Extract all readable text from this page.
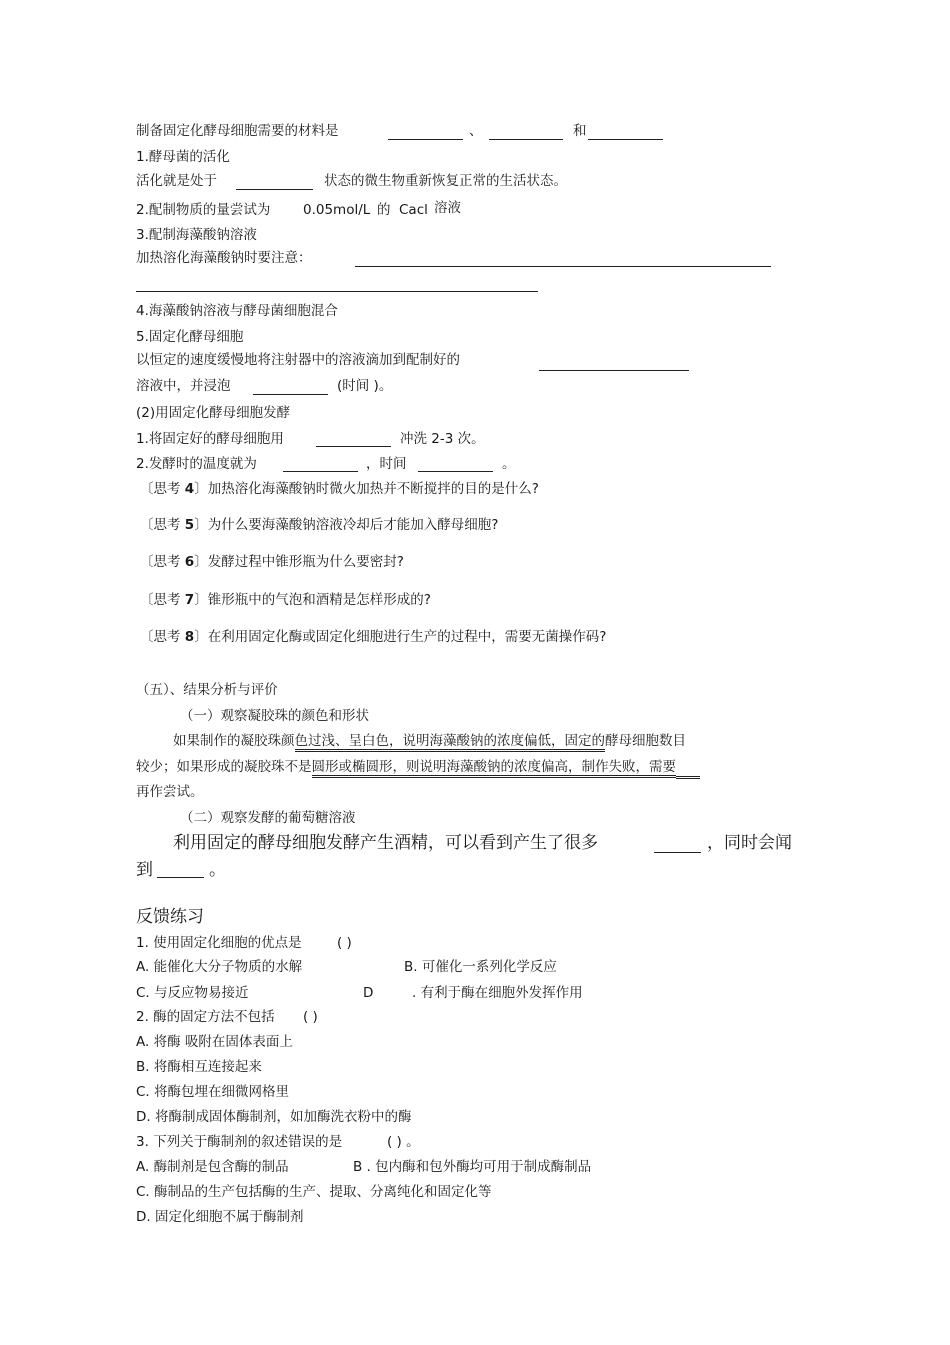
制备固定化酵母细胞需要的材料是	、	和
1.酵母菌的活化
活化就是处于	状态的微生物重新恢复正常的生活状态。
2.配制物质的量尝试为 0.05mol/L 的 Cacl 溶液
3.配制海藻酸钠溶液
加热溶化海藻酸钠时要注意：
4.海藻酸钠溶液与酵母菌细胞混合
5.固定化酵母细胞
以恒定的速度缓慢地将注射器中的溶液滴加到配制好的
溶液中，并浸泡	(时间 )。
(2)用固定化酵母细胞发酵
1.将固定好的酵母细胞用	冲洗 2-3 次。
2.发酵时的温度就为	，时间	。
〔思考 4〕加热溶化海藻酸钠时微火加热并不断搅拌的目的是什么?
〔思考 5〕为什么要海藻酸钠溶液冷却后才能加入酵母细胞?
〔思考 6〕发酵过程中锥形瓶为什么要密封?
〔思考 7〕锥形瓶中的气泡和酒精是怎样形成的?
〔思考 8〕在利用固定化酶或固定化细胞进行生产的过程中，需要无菌操作码?
（五）、结果分析与评价
（一）观察凝胶珠的颜色和形状
如果制作的凝胶珠颜色过浅、呈白色，说明海藻酸钠的浓度偏低，固定的酵母细胞数目
较少；如果形成的凝胶珠不是圆形或椭圆形，则说明海藻酸钠的浓度偏高，制作失败，需要
再作尝试。
（二）观察发酵的葡萄糖溶液
利用固定的酵母细胞发酵产生酒精，可以看到产生了很多	，同时会闻
到	。
反馈练习
1. 使用固定化细胞的优点是	( )
A. 能催化大分子物质的水解	B. 可催化一系列化学反应
C. 与反应物易接近	D	. 有利于酶在细胞外发挥作用
2. 酶的固定方法不包括 ( )
A. 将酶 吸附在固体表面上
B. 将酶相互连接起来
C. 将酶包埋在细微网格里
D. 将酶制成固体酶制剂，如加酶洗衣粉中的酶
3. 下列关于酶制剂的叙述错误的是	( ) 。
A. 酶制剂是包含酶的制品	B . 包内酶和包外酶均可用于制成酶制品
C. 酶制品的生产包括酶的生产、提取、分离纯化和固定化等
D. 固定化细胞不属于酶制剂
